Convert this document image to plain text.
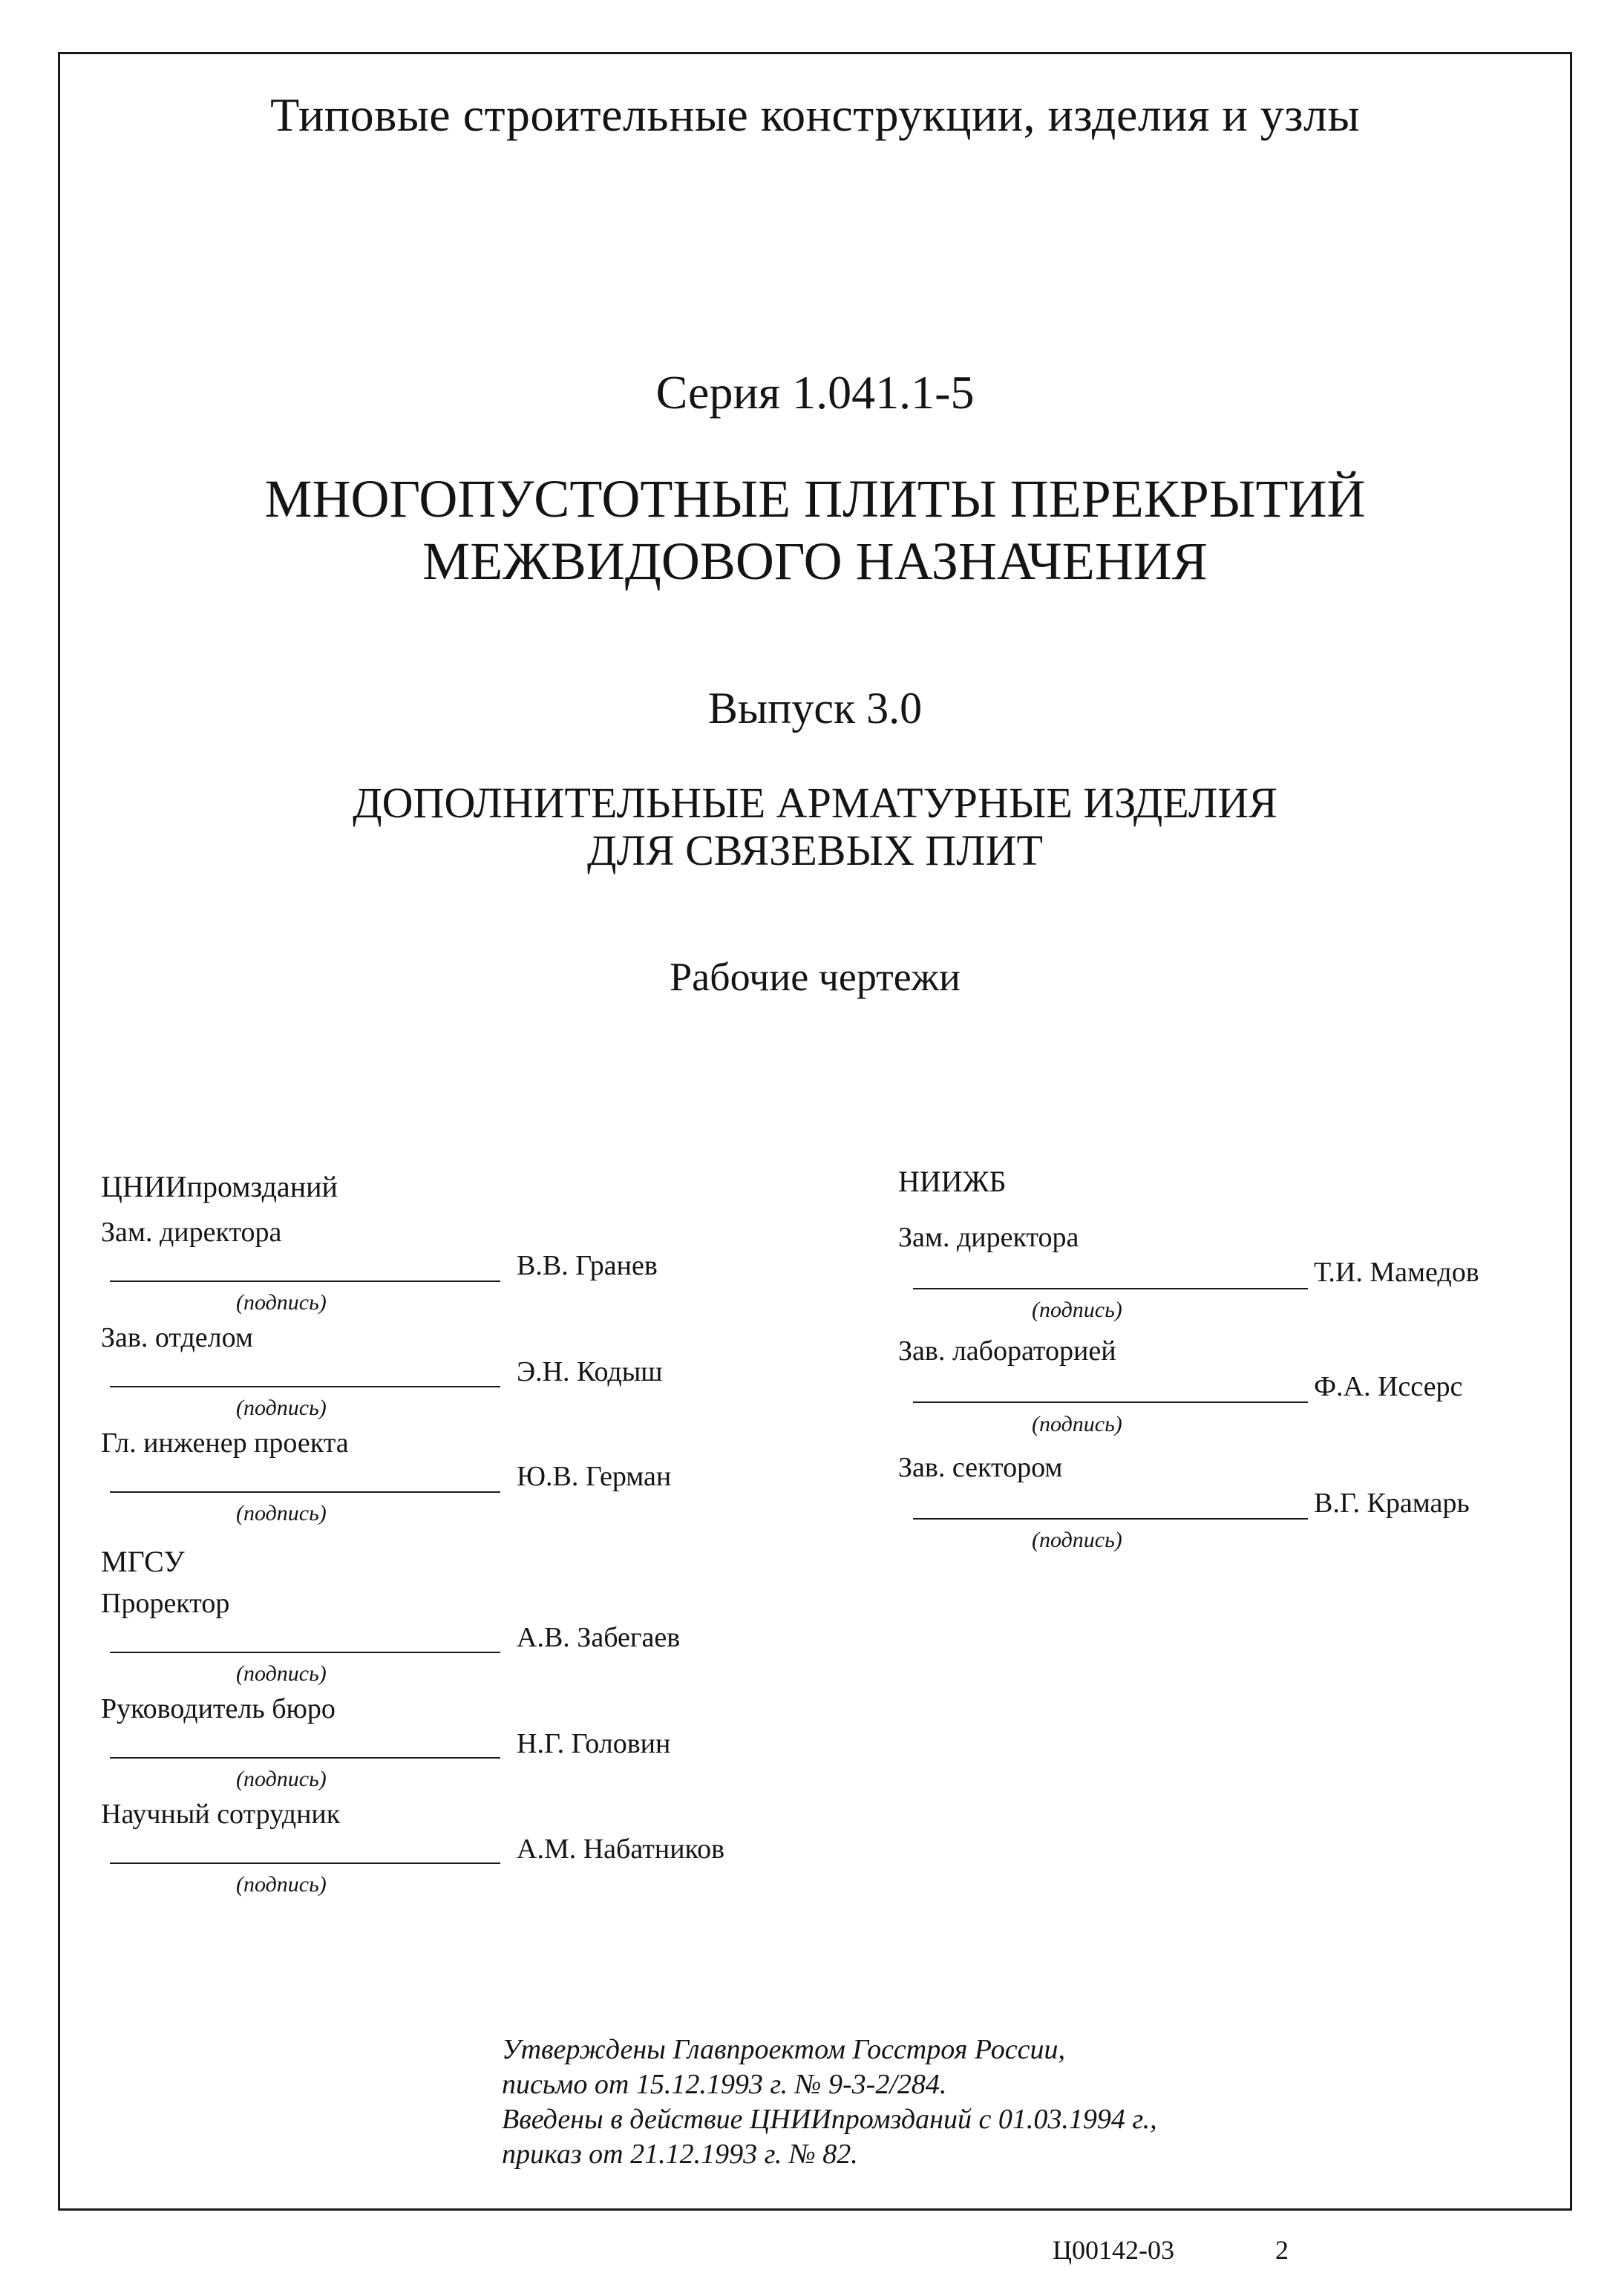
Типовые строительные конструкции, изделия и узлы
Серия 1.041.1-5
МНОГОПУСТОТНЫЕ ПЛИТЫ ПЕРЕКРЫТИЙ
МЕЖВИДОВОГО НАЗНАЧЕНИЯ
Выпуск 3.0
ДОПОЛНИТЕЛЬНЫЕ АРМАТУРНЫЕ ИЗДЕЛИЯ
ДЛЯ СВЯЗЕВЫХ ПЛИТ
Рабочие чертежи
ЦНИИпромзданий
Зам. директора
В.В. Гранев
(подпись)
Зав. отделом
Э.Н. Кодыш
(подпись)
Гл. инженер проекта
Ю.В. Герман
(подпись)
МГСУ
Проректор
А.В. Забегаев
(подпись)
Руководитель бюро
Н.Г. Головин
(подпись)
Научный сотрудник
А.М. Набатников
(подпись)
НИИЖБ
Зам. директора
Т.И. Мамедов
(подпись)
Зав. лабораторией
Ф.А. Иссерс
(подпись)
Зав. сектором
В.Г. Крамарь
(подпись)
Утверждены Главпроектом Госстроя России,
письмо от 15.12.1993 г. № 9-3-2/284.
Введены в действие ЦНИИпромзданий с 01.03.1994 г.,
приказ от 21.12.1993 г. № 82.
Ц00142-03	2
